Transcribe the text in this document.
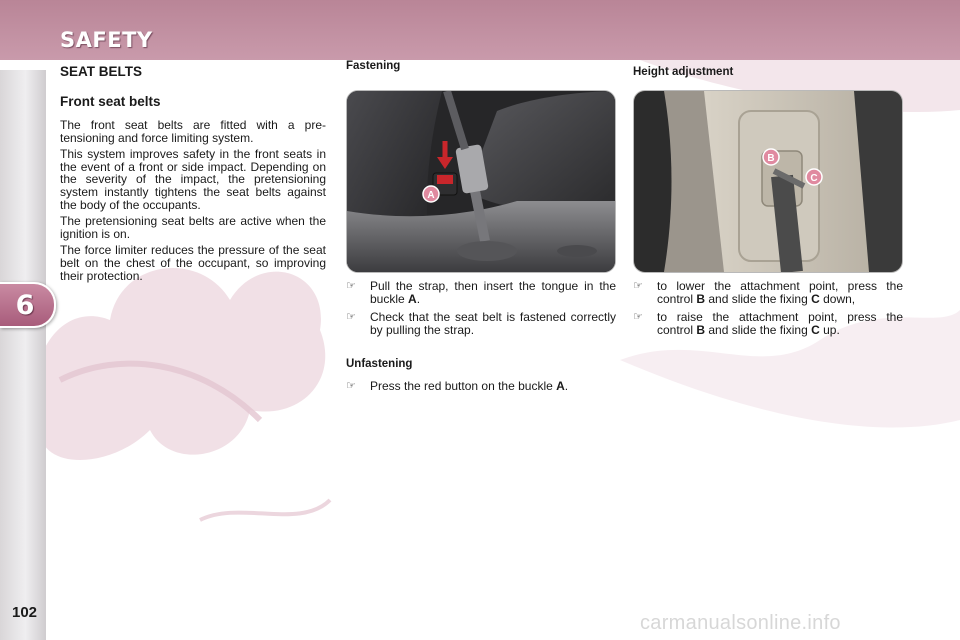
SAFETY
6
102
SEAT BELTS
Front seat belts

The front seat belts are fitted with a pre-tensioning and force limiting system.

This system improves safety in the front seats in the event of a front or side impact. Depending on the severity of the impact, the pretensioning system instantly tightens the seat belts against the body of the occupants.

The pretensioning seat belts are active when the ignition is on.

The force limiter reduces the pressure of the seat belt on the chest of the occupant, so improving their protection.

Fastening
A
B
C
☞ Pull the strap, then insert the tongue in the buckle A.
☞ Check that the seat belt is fastened correctly by pulling the strap.
Unfastening
☞ Press the red button on the buckle A.
Height adjustment
☞ to lower the attachment point, press the control B and slide the fixing C down,
☞ to raise the attachment point, press the control B and slide the fixing C up.
carmanualsonline.info
